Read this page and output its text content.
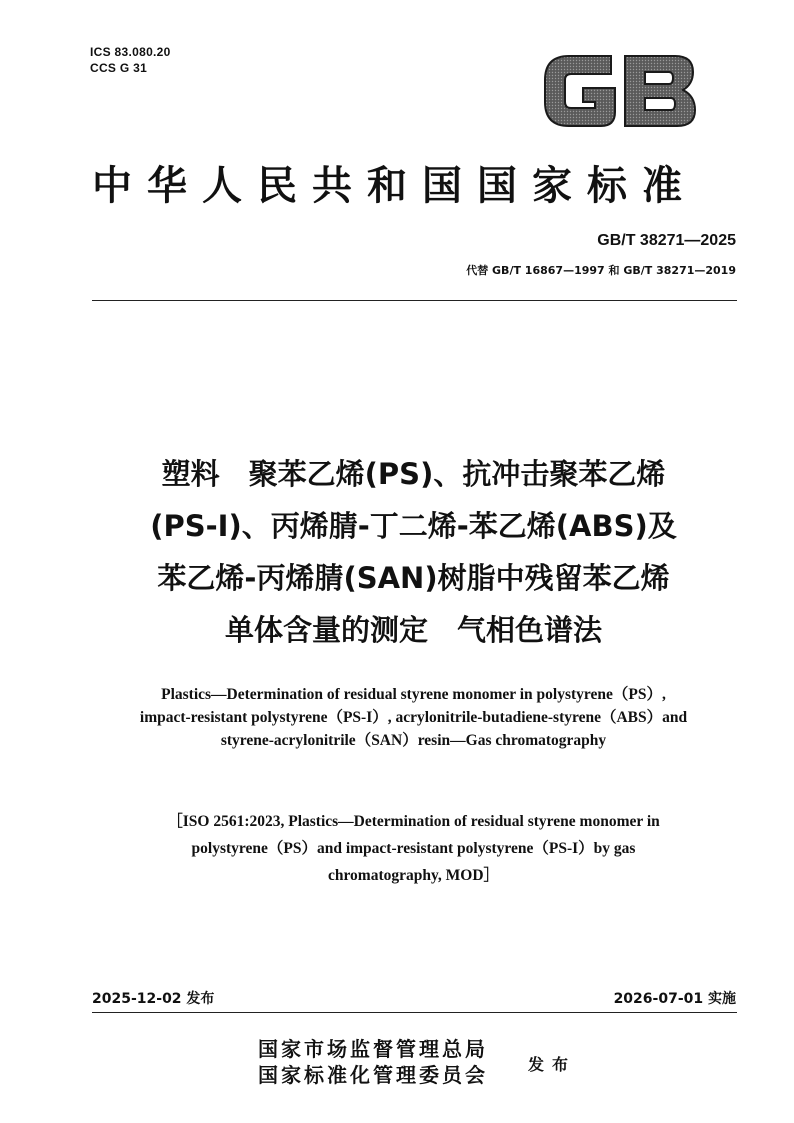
ICS 83.080.20
CCS G 31
GB
中华人民共和国国家标准
GB/T 38271—2025
代替 GB/T 16867—1997 和 GB/T 38271—2019
塑料　聚苯乙烯(PS)、抗冲击聚苯乙烯
(PS-I)、丙烯腈-丁二烯-苯乙烯(ABS)及
苯乙烯-丙烯腈(SAN)树脂中残留苯乙烯
单体含量的测定　气相色谱法
Plastics—Determination of residual styrene monomer in polystyrene（PS）,
impact-resistant polystyrene（PS-I）, acrylonitrile-butadiene-styrene（ABS）and
styrene-acrylonitrile（SAN）resin—Gas chromatography
［ISO 2561:2023, Plastics—Determination of residual styrene monomer in
polystyrene（PS）and impact-resistant polystyrene（PS-I）by gas
chromatography, MOD］
2025-12-02 发布	2026-07-01 实施
国家市场监督管理总局
国家标准化管理委员会	发布
